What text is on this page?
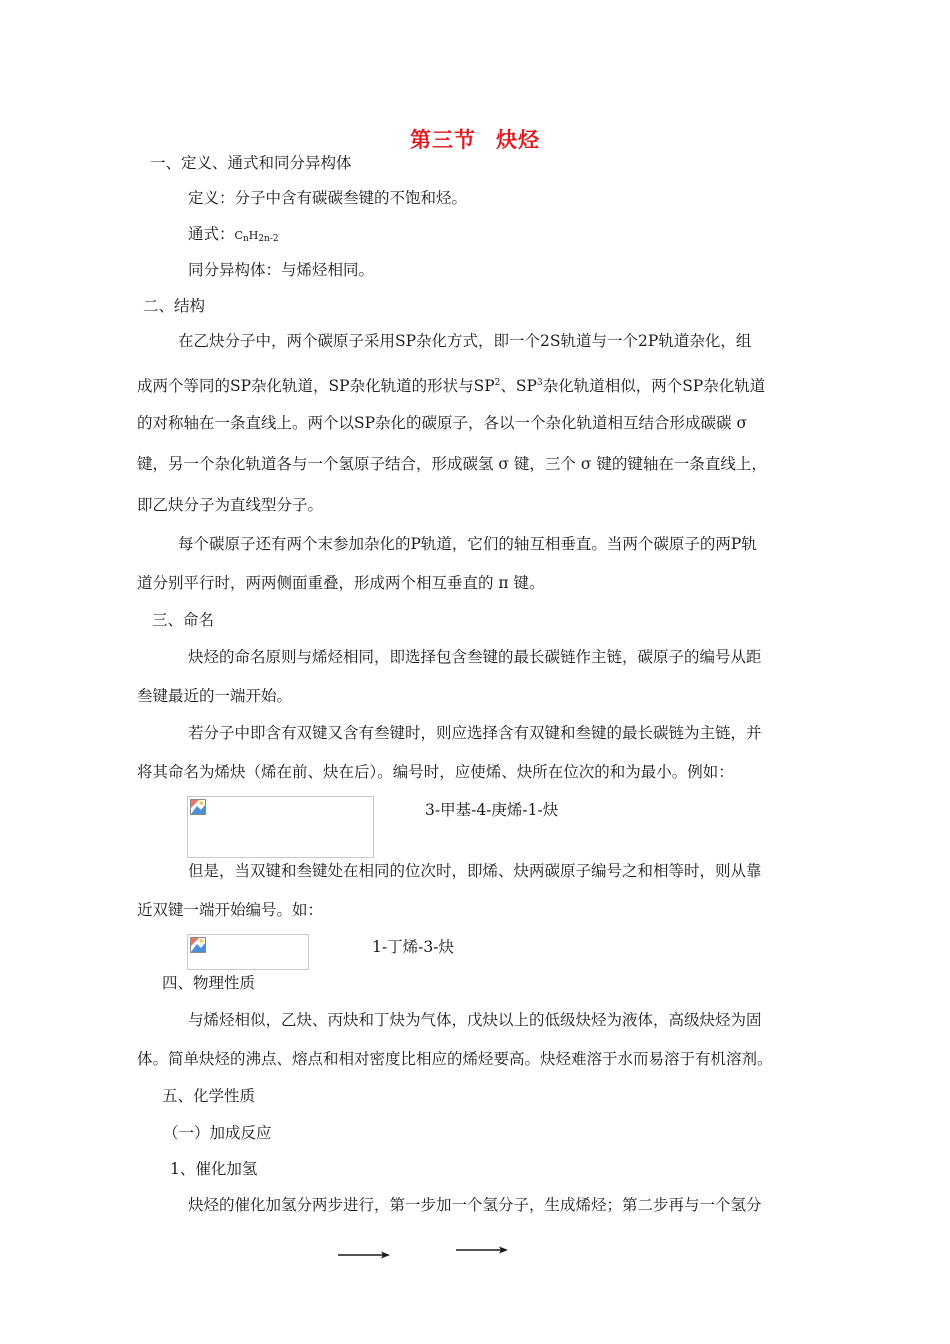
第三节 炔烃
一、定义、通式和同分异构体
定义：分子中含有碳碳叁键的不饱和烃。
通式：CnH2n-2
同分异构体：与烯烃相同。
二、结构
在乙炔分子中，两个碳原子采用SP杂化方式，即一个2S轨道与一个2P轨道杂化，组
成两个等同的SP杂化轨道，SP杂化轨道的形状与$SP^2$、$SP^3$杂化轨道相似，两个SP杂化轨道
的对称轴在一条直线上。两个以SP杂化的碳原子，各以一个杂化轨道相互结合形成碳碳 σ
键，另一个杂化轨道各与一个氢原子结合，形成碳氢 σ 键，三个 σ 键的键轴在一条直线上，
即乙炔分子为直线型分子。
每个碳原子还有两个末参加杂化的P轨道，它们的轴互相垂直。当两个碳原子的两P轨
道分别平行时，两两侧面重叠，形成两个相互垂直的 π 键。
三、命名
炔烃的命名原则与烯烃相同，即选择包含叁键的最长碳链作主链，碳原子的编号从距
叁键最近的一端开始。
若分子中即含有双键又含有叁键时，则应选择含有双键和叁键的最长碳链为主链，并
将其命名为烯炔（烯在前、炔在后）。编号时，应使烯、炔所在位次的和为最小。例如：
3-甲基-4-庚烯-1-炔
但是，当双键和叁键处在相同的位次时，即烯、炔两碳原子编号之和相等时，则从靠
近双键一端开始编号。如：
1-丁烯-3-炔
四、物理性质
与烯烃相似，乙炔、丙炔和丁炔为气体，戊炔以上的低级炔烃为液体，高级炔烃为固
体。简单炔烃的沸点、熔点和相对密度比相应的烯烃要高。炔烃难溶于水而易溶于有机溶剂。
五、化学性质
（一）加成反应
1、催化加氢
炔烃的催化加氢分两步进行，第一步加一个氢分子，生成烯烃；第二步再与一个氢分
